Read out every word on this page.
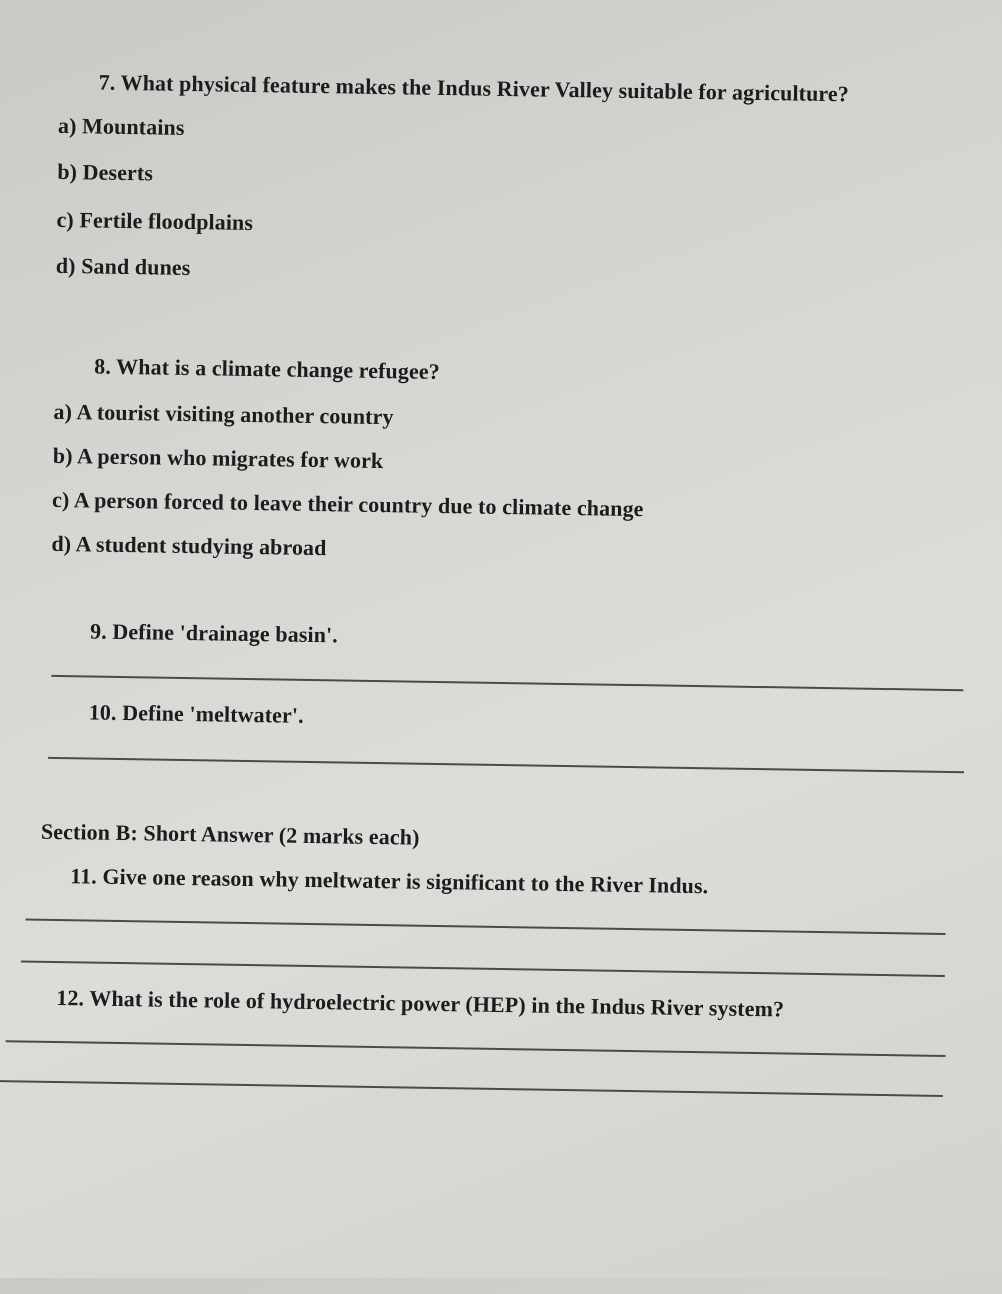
7. What physical feature makes the Indus River Valley suitable for agriculture?
a) Mountains
b) Deserts
c) Fertile floodplains
d) Sand dunes
8. What is a climate change refugee?
a) A tourist visiting another country
b) A person who migrates for work
c) A person forced to leave their country due to climate change
d) A student studying abroad
9. Define 'drainage basin'.
10. Define 'meltwater'.
Section B: Short Answer (2 marks each)
11. Give one reason why meltwater is significant to the River Indus.
12. What is the role of hydroelectric power (HEP) in the Indus River system?
